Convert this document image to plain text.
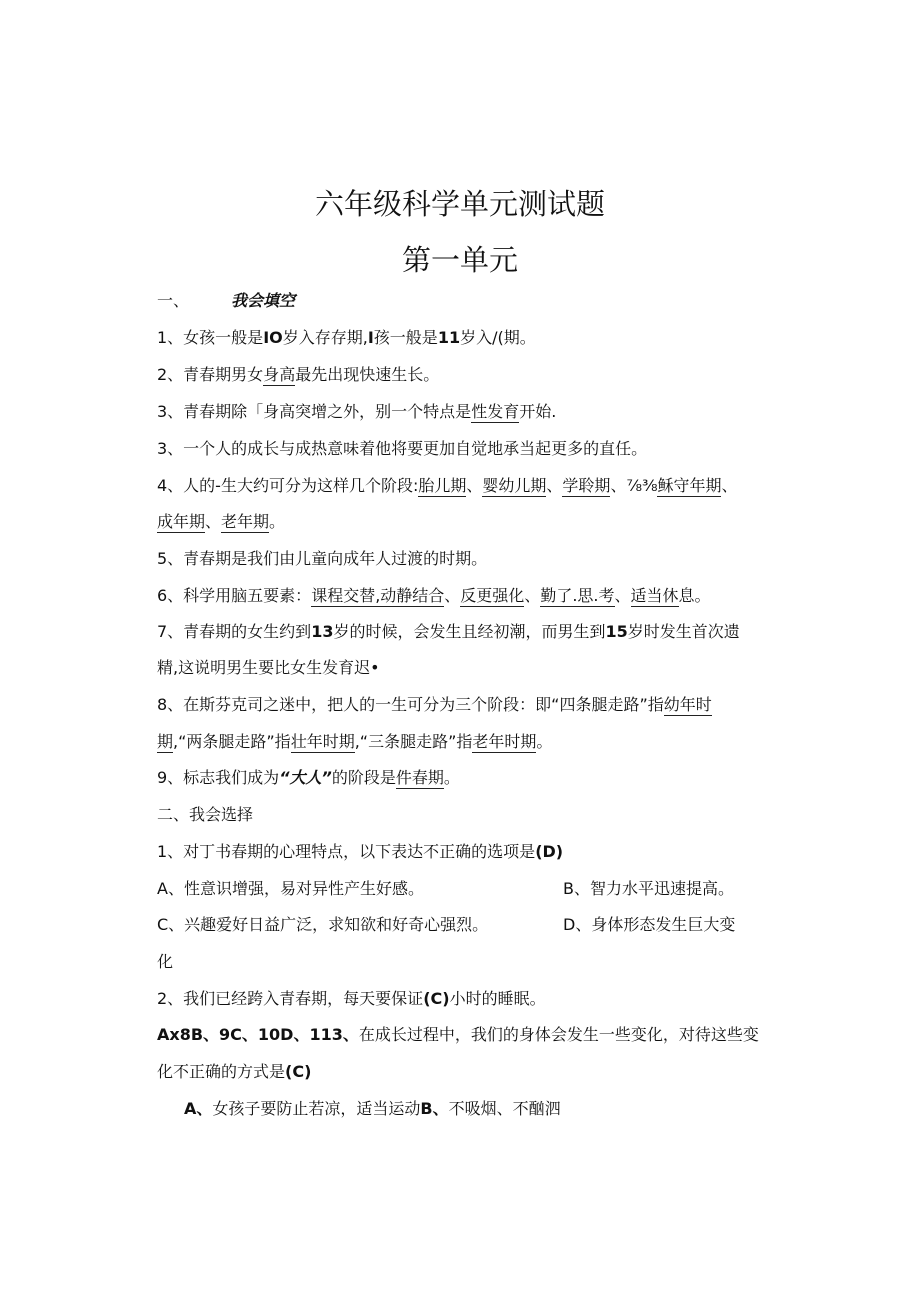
六年级科学单元测试题
第一单元
一、	我会填空
1、女孩一般是IO岁入存存期,I孩一般是11岁入/(期。
2、青春期男女身高最先出现快速生长。
3、青春期除「身高突增之外，别一个特点是性发育开始.
3、一个人的成长与成热意味着他将要更加自觉地承当起更多的直任。
4、人的-生大约可分为这样几个阶段:胎儿期、婴幼儿期、学聆期、⅞⅜稣守年期、
成年期、老年期。
5、青春期是我们由儿童向成年人过渡的时期。
6、科学用脑五要素：课程交替,动静结合、反更强化、勤了.思.考、适当休息。
7、青春期的女生约到13岁的时候，会发生且经初潮，而男生到15岁时发生首次遗
精,这说明男生要比女生发育迟•
8、在斯芬克司之迷中，把人的一生可分为三个阶段：即“四条腿走路”指幼年时
期,“两条腿走路”指壮年时期,“三条腿走路”指老年时期。
9、标志我们成为“大人”的阶段是件春期。
二、我会选择
1、对丁书春期的心理特点，以下表达不正确的选项是(D)
A、性意识增强，易对异性产生好感。	B、智力水平迅速提高。
C、兴趣爱好日益广泛，求知欲和好奇心强烈。	D、身体形态发生巨大变
化
2、我们已经跨入青春期，每天要保证(C)小时的睡眠。
Ax8B、9C、10D、113、在成长过程中，我们的身体会发生一些变化，对待这些变
化不正确的方式是(C)
A、女孩子要防止若凉，适当运动B、不吸烟、不酗泗
